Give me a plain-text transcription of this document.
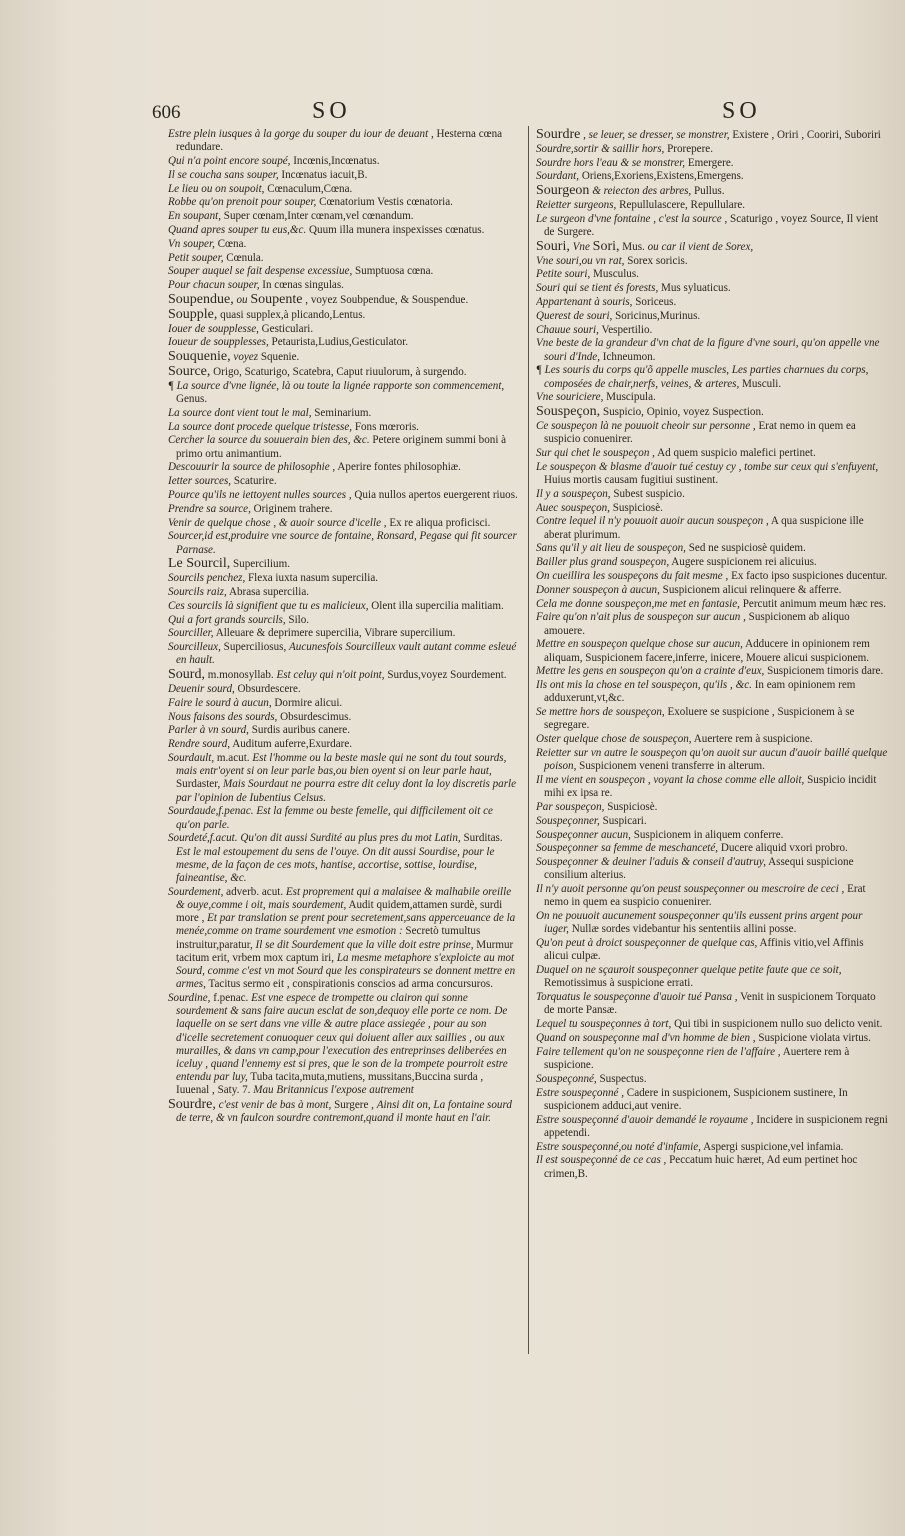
606	SO	SO
Estre plein iusques à la gorge du souper du iour de deuant , Hesterna cœna redundare.
Qui n'a point encore soupé, Incœnis,Incœnatus.
Il se coucha sans souper, Incœnatus iacuit,B.
Le lieu ou on soupoit, Cœnaculum,Cœna.
Robbe qu'on prenoit pour souper, Cœnatorium Vestis cœnatoria.
En soupant, Super cœnam,Inter cœnam,vel cœnandum.
Quand apres souper tu eus,&c. Quum illa munera inspexisses cœnatus.
Vn souper, Cœna.
Petit souper, Cœnula.
Souper auquel se fait despense excessiue, Sumptuosa cœna.
Pour chacun souper, In cœnas singulas.
Soupendue, ou Soupente , voyez Soubpendue, & Souspendue.
Soupple, quasi supplex,à plicando,Lentus.
Iouer de soupplesse, Gesticulari.
Ioueur de soupplesses, Petaurista,Ludius,Gesticulator.
Souquenie, voyez Squenie.
Source, Origo, Scaturigo, Scatebra, Caput riuulorum, à surgendo.
¶ La source d'vne lignée, là ou toute la lignée rapporte son commencement, Genus.
La source dont vient tout le mal, Seminarium.
La source dont procede quelque tristesse, Fons mœroris.
Cercher la source du souuerain bien des, &c. Petere originem summi boni à primo ortu animantium.
Descouurir la source de philosophie , Aperire fontes philosophiæ.
Ietter sources, Scaturire.
Pource qu'ils ne iettoyent nulles sources , Quia nullos apertos euergerent riuos.
Prendre sa source, Originem trahere.
Venir de quelque chose , & auoir source d'icelle , Ex re aliqua proficisci.
Sourcer,id est,produire vne source de fontaine, Ronsard, Pegase qui fit sourcer Parnase.
Le Sourcil, Supercilium.
Sourcils penchez, Flexa iuxta nasum supercilia.
Sourcils raiz, Abrasa supercilia.
Ces sourcils là signifient que tu es malicieux, Olent illa supercilia malitiam.
Qui a fort grands sourcils, Silo.
Sourciller, Alleuare & deprimere supercilia, Vibrare supercilium.
Sourcilleux, Superciliosus, Aucunesfois Sourcilleux vault autant comme esleué en hault.
Sourd, m.monosyllab. Est celuy qui n'oit point, Surdus,voyez Sourdement.
Deuenir sourd, Obsurdescere.
Faire le sourd à aucun, Dormire alicui.
Nous faisons des sourds, Obsurdescimus.
Parler à vn sourd, Surdis auribus canere.
Rendre sourd, Auditum auferre,Exurdare.
Sourdault, m.acut. Est l'homme ou la beste masle qui ne sont du tout sourds, mais entr'oyent si on leur parle bas,ou bien oyent si on leur parle haut, Surdaster, Mais Sourdaut ne pourra estre dit celuy dont la loy discretis parle par l'opinion de Iubentius Celsus.
Sourdaude,f.penac. Est la femme ou beste femelle, qui difficilement oit ce qu'on parle.
Sourdeté,f.acut. Qu'on dit aussi Surdité au plus pres du mot Latin, Surditas. Est le mal estoupement du sens de l'ouye. On dit aussi Sourdise, pour le mesme, de la façon de ces mots, hantise, accortise, sottise, lourdise, faineantise, &c.
Sourdement, adverb. acut. Est proprement qui a malaisee & malhabile oreille & ouye,comme i oit, mais sourdement, Audit quidem,attamen surdè, surdi more , Et par translation se prent pour secretement,sans apperceuance de la menée,comme on trame sourdement vne esmotion : Secretò tumultus instruitur,paratur, Il se dit Sourdement que la ville doit estre prinse, Murmur tacitum erit, vrbem mox captum iri, La mesme metaphore s'exploicte au mot Sourd, comme c'est vn mot Sourd que les conspirateurs se donnent mettre en armes, Tacitus sermo eit , conspirationis conscios ad arma concursuros.
Sourdine, f.penac. Est vne espece de trompette ou clairon qui sonne sourdement & sans faire aucun esclat de son,dequoy elle porte ce nom. De laquelle on se sert dans vne ville & autre place assiegée , pour au son d'icelle secretement conuoquer ceux qui doiuent aller aux saillies , ou aux murailles, & dans vn camp,pour l'execution des entreprinses deliberées en iceluy , quand l'ennemy est si pres, que le son de la trompete pourroit estre entendu par luy, Tuba tacita,muta,mutiens, mussitans,Buccina surda , Iuuenal , Saty. 7. Mau Britannicus l'expose autrement
Sourdre, c'est venir de bas à mont, Surgere , Ainsi dit on, La fontaine sourd de terre, & vn faulcon sourdre contremont,quand il monte haut en l'air.
Sourdre , se leuer, se dresser, se monstrer, Existere , Oriri , Cooriri, Suboriri
Sourdre,sortir & saillir hors, Prorepere.
Sourdre hors l'eau & se monstrer, Emergere.
Sourdant, Oriens,Exoriens,Existens,Emergens.
Sourgeon & reiecton des arbres, Pullus.
Reietter surgeons, Repullulascere, Repullulare.
Le surgeon d'vne fontaine , c'est la source , Scaturigo , voyez Source, Il vient de Surgere.
Souri, Vne Sori, Mus. ou car il vient de Sorex,
Vne souri,ou vn rat, Sorex soricis.
Petite souri, Musculus.
Souri qui se tient és forests, Mus syluaticus.
Appartenant à souris, Soriceus.
Querest de souri, Soricinus,Murinus.
Chauue souri, Vespertilio.
Vne beste de la grandeur d'vn chat de la figure d'vne souri, qu'on appelle vne souri d'Inde, Ichneumon.
¶ Les souris du corps qu'õ appelle muscles, Les parties charnues du corps, composées de chair,nerfs, veines, & arteres, Musculi.
Vne souriciere, Muscipula.
Souspeçon, Suspicio, Opinio, voyez Suspection.
Ce souspeçon là ne pouuoit cheoir sur personne , Erat nemo in quem ea suspicio conuenirer.
Sur qui chet le souspeçon , Ad quem suspicio malefici pertinet.
Le souspeçon & blasme d'auoir tué cestuy cy , tombe sur ceux qui s'enfuyent, Huius mortis causam fugitiui sustinent.
Il y a souspeçon, Subest suspicio.
Auec souspeçon, Suspiciosè.
Contre lequel il n'y pouuoit auoir aucun souspeçon , A qua suspicione ille aberat plurimum.
Sans qu'il y ait lieu de souspeçon, Sed ne suspiciosè quidem.
Bailler plus grand souspeçon, Augere suspicionem rei alicuius.
On cueillira les souspeçons du fait mesme , Ex facto ipso suspiciones ducentur.
Donner souspeçon à aucun, Suspicionem alicui relinquere & afferre.
Cela me donne souspeçon,me met en fantasie, Percutit animum meum hæc res.
Faire qu'on n'ait plus de souspeçon sur aucun , Suspicionem ab aliquo amouere.
Mettre en souspeçon quelque chose sur aucun, Adducere in opinionem rem aliquam, Suspicionem facere,inferre, inicere, Mouere alicui suspicionem.
Mettre les gens en souspeçon qu'on a crainte d'eux, Suspicionem timoris dare.
Ils ont mis la chose en tel souspeçon, qu'ils , &c. In eam opinionem rem adduxerunt,vt,&c.
Se mettre hors de souspeçon, Exoluere se suspicione , Suspicionem à se segregare.
Oster quelque chose de souspeçon, Auertere rem à suspicione.
Reietter sur vn autre le souspeçon qu'on auoit sur aucun d'auoir baillé quelque poison, Suspicionem veneni transferre in alterum.
Il me vient en souspeçon , voyant la chose comme elle alloit, Suspicio incidit mihi ex ipsa re.
Par souspeçon, Suspiciosè.
Souspeçonner, Suspicari.
Souspeçonner aucun, Suspicionem in aliquem conferre.
Souspeçonner sa femme de meschanceté, Ducere aliquid vxori probro.
Souspeçonner & deuiner l'aduis & conseil d'autruy, Assequi suspicione consilium alterius.
Il n'y auoit personne qu'on peust souspeçonner ou mescroire de ceci , Erat nemo in quem ea suspicio conuenirer.
On ne pouuoit aucunement souspeçonner qu'ils eussent prins argent pour iuger, Nullæ sordes videbantur his sententiis allini posse.
Qu'on peut à droict souspeçonner de quelque cas, Affinis vitio,vel Affinis alicui culpæ.
Duquel on ne sçauroit souspeçonner quelque petite faute que ce soit, Remotissimus à suspicione errati.
Torquatus le souspeçonne d'auoir tué Pansa , Venit in suspicionem Torquato de morte Pansæ.
Lequel tu souspeçonnes à tort, Qui tibi in suspicionem nullo suo delicto venit.
Quand on souspeçonne mal d'vn homme de bien , Suspicione violata virtus.
Faire tellement qu'on ne souspeçonne rien de l'affaire , Auertere rem à suspicione.
Souspeçonné, Suspectus.
Estre souspeçonné , Cadere in suspicionem, Suspicionem sustinere, In suspicionem adduci,aut venire.
Estre souspeçonné d'auoir demandé le royaume , Incidere in suspicionem regni appetendi.
Estre souspeçonné,ou noté d'infamie, Aspergi suspicione,vel infamia.
Il est souspeçonné de ce cas , Peccatum huic hæret, Ad eum pertinet hoc crimen,B.
